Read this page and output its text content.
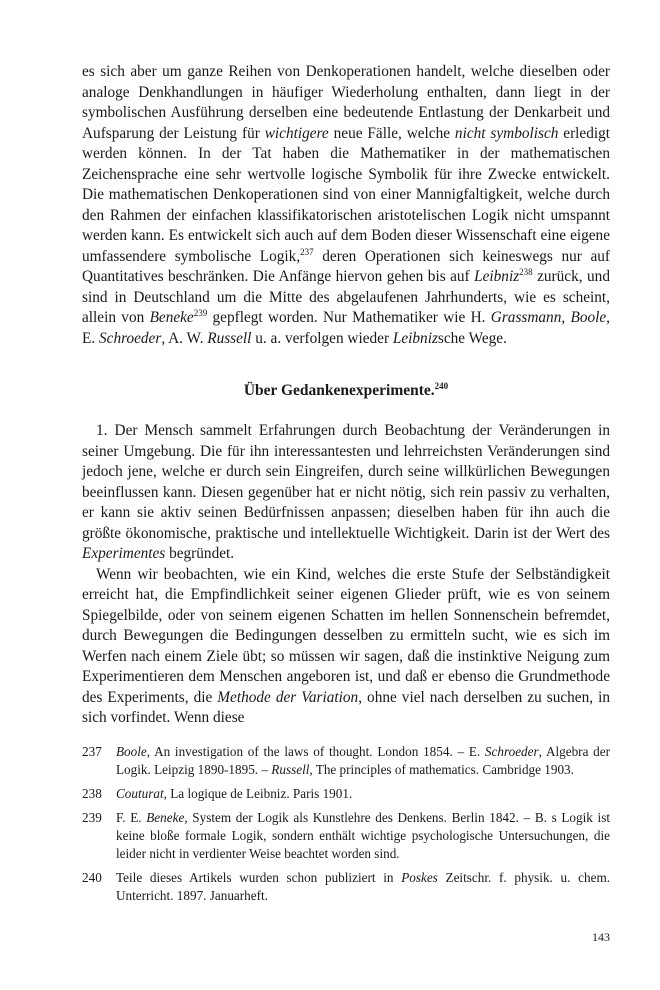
es sich aber um ganze Reihen von Denkoperationen handelt, welche dieselben oder analoge Denkhandlungen in häufiger Wiederholung enthalten, dann liegt in der symbolischen Ausführung derselben eine bedeutende Entlastung der Denkarbeit und Aufsparung der Leistung für wichtigere neue Fälle, welche nicht symbolisch erledigt werden können. In der Tat haben die Mathematiker in der mathematischen Zeichensprache eine sehr wertvolle logische Symbolik für ihre Zwecke entwickelt. Die mathematischen Denkoperationen sind von einer Mannigfaltigkeit, welche durch den Rahmen der einfachen klassifikatorischen aristotelischen Logik nicht umspannt werden kann. Es entwickelt sich auch auf dem Boden dieser Wissenschaft eine eigene umfassendere symbolische Logik,$^{237}$ deren Operationen sich keineswegs nur auf Quantitatives beschränken. Die Anfänge hiervon gehen bis auf Leibniz$^{238}$ zurück, und sind in Deutschland um die Mitte des abgelaufenen Jahrhunderts, wie es scheint, allein von Beneke$^{239}$ gepflegt worden. Nur Mathematiker wie H. Grassmann, Boole, E. Schroeder, A. W. Russell u. a. verfolgen wieder Leibnizsche Wege.

Über Gedankenexperimente.$^{240}$

1. Der Mensch sammelt Erfahrungen durch Beobachtung der Veränderungen in seiner Umgebung. Die für ihn interessantesten und lehrreichsten Veränderungen sind jedoch jene, welche er durch sein Eingreifen, durch seine willkürlichen Bewegungen beeinflussen kann. Diesen gegenüber hat er nicht nötig, sich rein passiv zu verhalten, er kann sie aktiv seinen Bedürfnissen anpassen; dieselben haben für ihn auch die größte ökonomische, praktische und intellektuelle Wichtigkeit. Darin ist der Wert des Experimentes begründet.

Wenn wir beobachten, wie ein Kind, welches die erste Stufe der Selbständigkeit erreicht hat, die Empfindlichkeit seiner eigenen Glieder prüft, wie es von seinem Spiegelbilde, oder von seinem eigenen Schatten im hellen Sonnenschein befremdet, durch Bewegungen die Bedingungen desselben zu ermitteln sucht, wie es sich im Werfen nach einem Ziele übt; so müssen wir sagen, daß die instinktive Neigung zum Experimentieren dem Menschen angeboren ist, und daß er ebenso die Grundmethode des Experiments, die Methode der Variation, ohne viel nach derselben zu suchen, in sich vorfindet. Wenn diese

237 Boole, An investigation of the laws of thought. London 1854. – E. Schroeder, Algebra der Logik. Leipzig 1890-1895. – Russell, The principles of mathematics. Cambridge 1903.
238 Couturat, La logique de Leibniz. Paris 1901.
239 F. E. Beneke, System der Logik als Kunstlehre des Denkens. Berlin 1842. – B. s Logik ist keine bloße formale Logik, sondern enthält wichtige psychologische Untersuchungen, die leider nicht in verdienter Weise beachtet worden sind.
240 Teile dieses Artikels wurden schon publiziert in Poskes Zeitschr. f. physik. u. chem. Unterricht. 1897. Januarheft.
143
